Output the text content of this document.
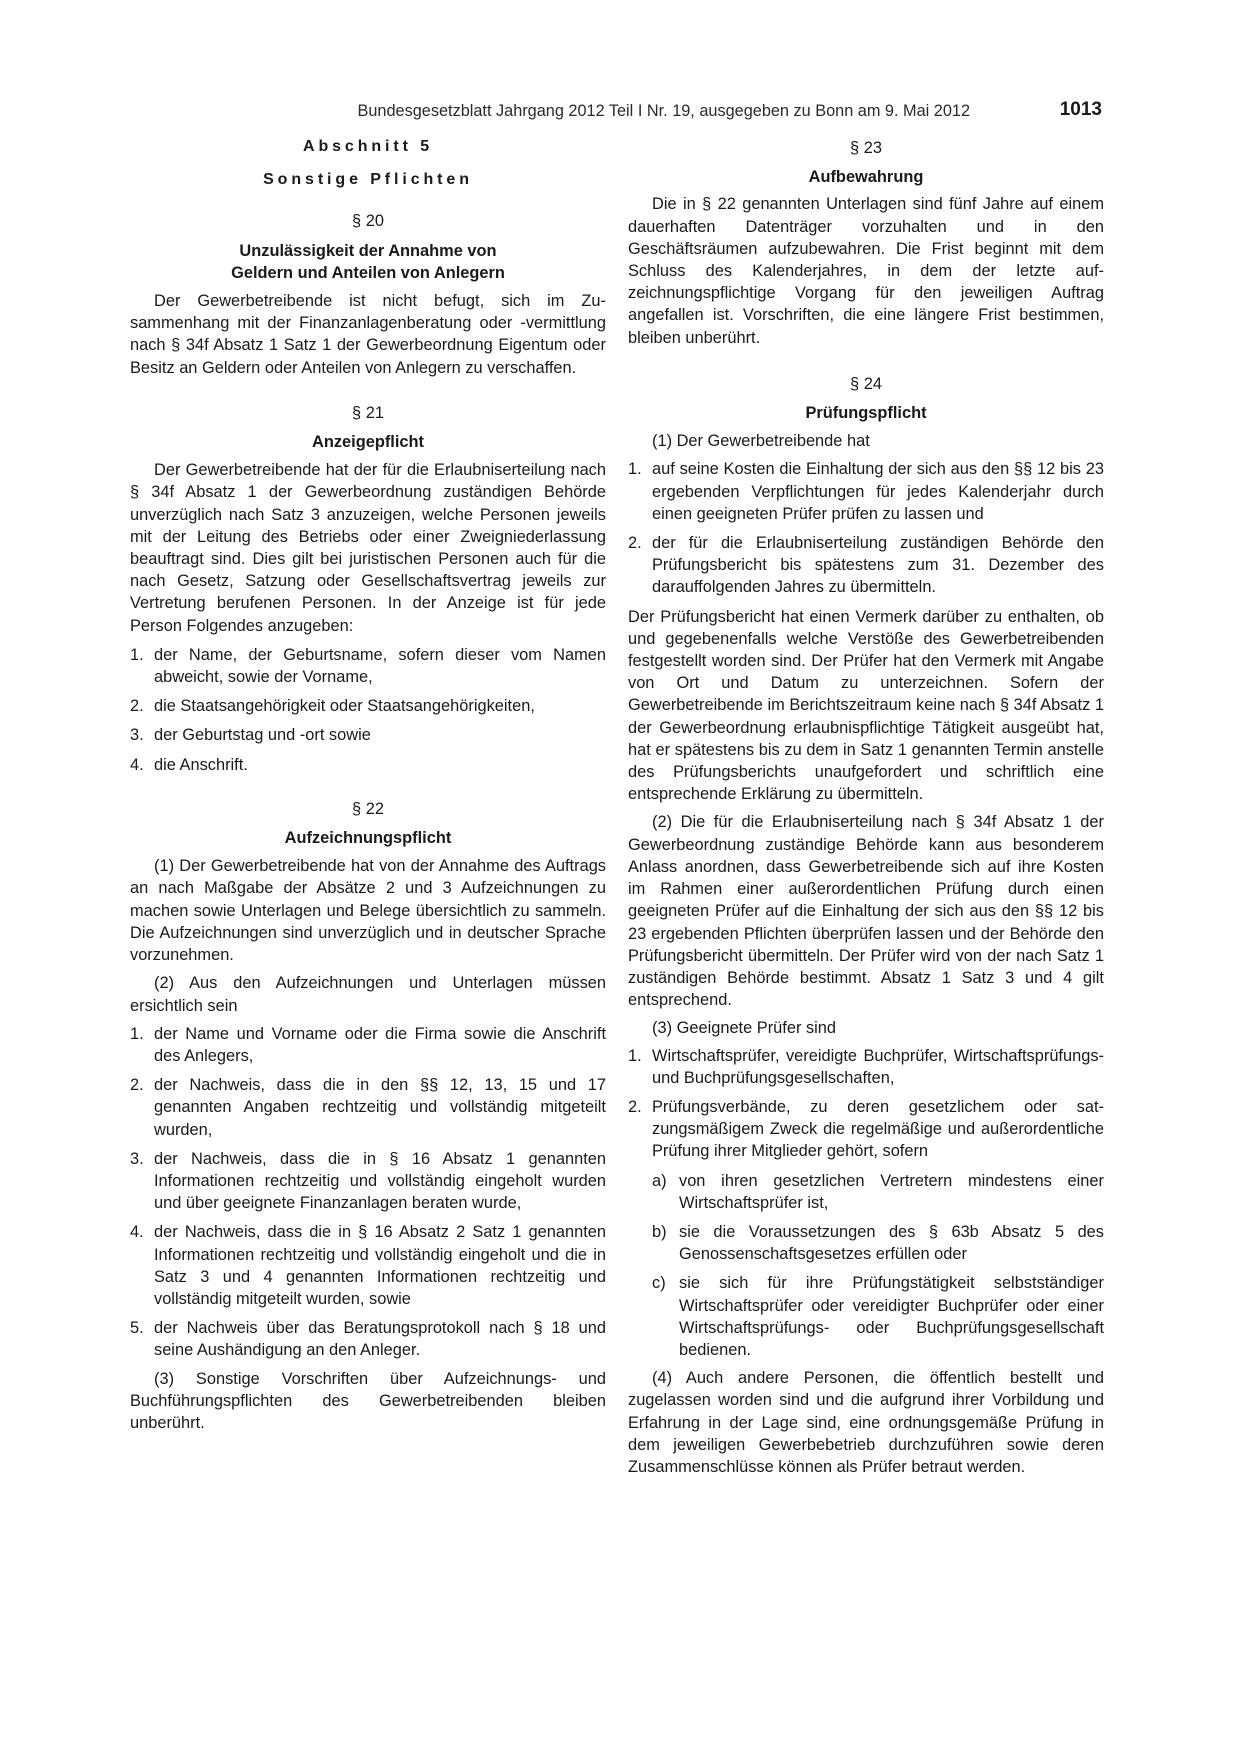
Bundesgesetzblatt Jahrgang 2012 Teil I Nr. 19, ausgegeben zu Bonn am 9. Mai 2012	1013
Abschnitt 5
Sonstige Pflichten
§ 20
Unzulässigkeit der Annahme von
Geldern und Anteilen von Anlegern

Der Gewerbetreibende ist nicht befugt, sich im Zusammenhang mit der Finanzanlagenberatung oder -vermittlung nach § 34f Absatz 1 Satz 1 der Gewerbeordnung Eigentum oder Besitz an Geldern oder Anteilen von Anlegern zu verschaffen.

§ 21
Anzeigepflicht

Der Gewerbetreibende hat der für die Erlaubniserteilung nach § 34f Absatz 1 der Gewerbeordnung zuständigen Behörde unverzüglich nach Satz 3 anzuzeigen, welche Personen jeweils mit der Leitung des Betriebs oder einer Zweigniederlassung beauftragt sind. Dies gilt bei juristischen Personen auch für die nach Gesetz, Satzung oder Gesellschaftsvertrag jeweils zur Vertretung berufenen Personen. In der Anzeige ist für jede Person Folgendes anzugeben:

1. der Name, der Geburtsname, sofern dieser vom Namen abweicht, sowie der Vorname,
2. die Staatsangehörigkeit oder Staatsangehörigkeiten,
3. der Geburtstag und -ort sowie
4. die Anschrift.
§ 22
Aufzeichnungspflicht

(1) Der Gewerbetreibende hat von der Annahme des Auftrags an nach Maßgabe der Absätze 2 und 3 Aufzeichnungen zu machen sowie Unterlagen und Belege übersichtlich zu sammeln. Die Aufzeichnungen sind unverzüglich und in deutscher Sprache vorzunehmen.

(2) Aus den Aufzeichnungen und Unterlagen müssen ersichtlich sein

1. der Name und Vorname oder die Firma sowie die Anschrift des Anlegers,
2. der Nachweis, dass die in den §§ 12, 13, 15 und 17 genannten Angaben rechtzeitig und vollständig mitgeteilt wurden,
3. der Nachweis, dass die in § 16 Absatz 1 genannten Informationen rechtzeitig und vollständig eingeholt wurden und über geeignete Finanzanlagen beraten wurde,
4. der Nachweis, dass die in § 16 Absatz 2 Satz 1 genannten Informationen rechtzeitig und vollständig eingeholt und die in Satz 3 und 4 genannten Informationen rechtzeitig und vollständig mitgeteilt wurden, sowie
5. der Nachweis über das Beratungsprotokoll nach § 18 und seine Aushändigung an den Anleger.

(3) Sonstige Vorschriften über Aufzeichnungs- und Buchführungspflichten des Gewerbetreibenden bleiben unberührt.

§ 23
Aufbewahrung

Die in § 22 genannten Unterlagen sind fünf Jahre auf einem dauerhaften Datenträger vorzuhalten und in den Geschäftsräumen aufzubewahren. Die Frist beginnt mit dem Schluss des Kalenderjahres, in dem der letzte aufzeichnungspflichtige Vorgang für den jeweiligen Auftrag angefallen ist. Vorschriften, die eine längere Frist bestimmen, bleiben unberührt.

§ 24
Prüfungspflicht

(1) Der Gewerbetreibende hat

1. auf seine Kosten die Einhaltung der sich aus den §§ 12 bis 23 ergebenden Verpflichtungen für jedes Kalenderjahr durch einen geeigneten Prüfer prüfen zu lassen und
2. der für die Erlaubniserteilung zuständigen Behörde den Prüfungsbericht bis spätestens zum 31. Dezember des darauffolgenden Jahres zu übermitteln.

Der Prüfungsbericht hat einen Vermerk darüber zu enthalten, ob und gegebenenfalls welche Verstöße des Gewerbetreibenden festgestellt worden sind. Der Prüfer hat den Vermerk mit Angabe von Ort und Datum zu unterzeichnen. Sofern der Gewerbetreibende im Berichtszeitraum keine nach § 34f Absatz 1 der Gewerbeordnung erlaubnispflichtige Tätigkeit ausgeübt hat, hat er spätestens bis zu dem in Satz 1 genannten Termin anstelle des Prüfungsberichts unaufgefordert und schriftlich eine entsprechende Erklärung zu übermitteln.

(2) Die für die Erlaubniserteilung nach § 34f Absatz 1 der Gewerbeordnung zuständige Behörde kann aus besonderem Anlass anordnen, dass Gewerbetreibende sich auf ihre Kosten im Rahmen einer außerordentlichen Prüfung durch einen geeigneten Prüfer auf die Einhaltung der sich aus den §§ 12 bis 23 ergebenden Pflichten überprüfen lassen und der Behörde den Prüfungsbericht übermitteln. Der Prüfer wird von der nach Satz 1 zuständigen Behörde bestimmt. Absatz 1 Satz 3 und 4 gilt entsprechend.

(3) Geeignete Prüfer sind

1. Wirtschaftsprüfer, vereidigte Buchprüfer, Wirtschaftsprüfungs- und Buchprüfungsgesellschaften,
2. Prüfungsverbände, zu deren gesetzlichem oder satzungsmäßigem Zweck die regelmäßige und außerordentliche Prüfung ihrer Mitglieder gehört, sofern
a) von ihren gesetzlichen Vertretern mindestens einer Wirtschaftsprüfer ist,
b) sie die Voraussetzungen des § 63b Absatz 5 des Genossenschaftsgesetzes erfüllen oder
c) sie sich für ihre Prüfungstätigkeit selbstständiger Wirtschaftsprüfer oder vereidigter Buchprüfer oder einer Wirtschaftsprüfungs- oder Buchprüfungsgesellschaft bedienen.

(4) Auch andere Personen, die öffentlich bestellt und zugelassen worden sind und die aufgrund ihrer Vorbildung und Erfahrung in der Lage sind, eine ordnungsgemäße Prüfung in dem jeweiligen Gewerbebetrieb durchzuführen sowie deren Zusammenschlüsse können als Prüfer betraut werden.
